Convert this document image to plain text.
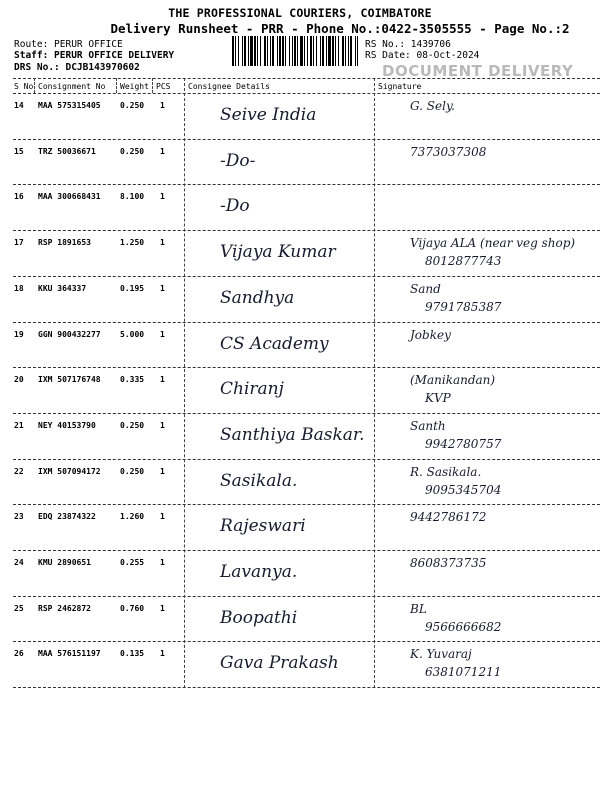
THE PROFESSIONAL COURIERS, COIMBATORE
Delivery Runsheet - PRR - Phone No.:0422-3505555 - Page No.:2
Route: PERUR OFFICE
Staff: PERUR OFFICE DELIVERY
DRS No.: DCJB143970602
RS No.: 1439706
RS Date: 08-Oct-2024
DOCUMENT DELIVERY
S No Consignment No Weight PCS Consignee Details	Signature
14 MAA 575315405 0.250 1	Seive India	G. Sely.
15 TRZ 50036671	0.250 1	-Do-	7373037308
16 MAA 300668431 8.100 1	-Do
17 RSP 1891653	1.250 1	Vijaya Kumar	Vijaya ALA (near veg shop)
8012877743
18 KKU 364337	0.195 1	Sandhya	Sand
9791785387
19 GGN 900432277 5.000 1	CS Academy	Jobkey
20 IXM 507176748 0.335 1	Chiranj	(Manikandan)
KVP
21 NEY 40153790	0.250 1	Santhiya Baskar.	Santh
9942780757
22 IXM 507094172 0.250 1	Sasikala.	R. Sasikala.
9095345704
23 EDQ 23874322	1.260 1	Rajeswari	9442786172
24 KMU 2890651	0.255 1	Lavanya.	8608373735
25 RSP 2462872	0.760 1	Boopathi	BL
9566666682
26 MAA 576151197 0.135 1	Gava Prakash	K. Yuvaraj
6381071211
